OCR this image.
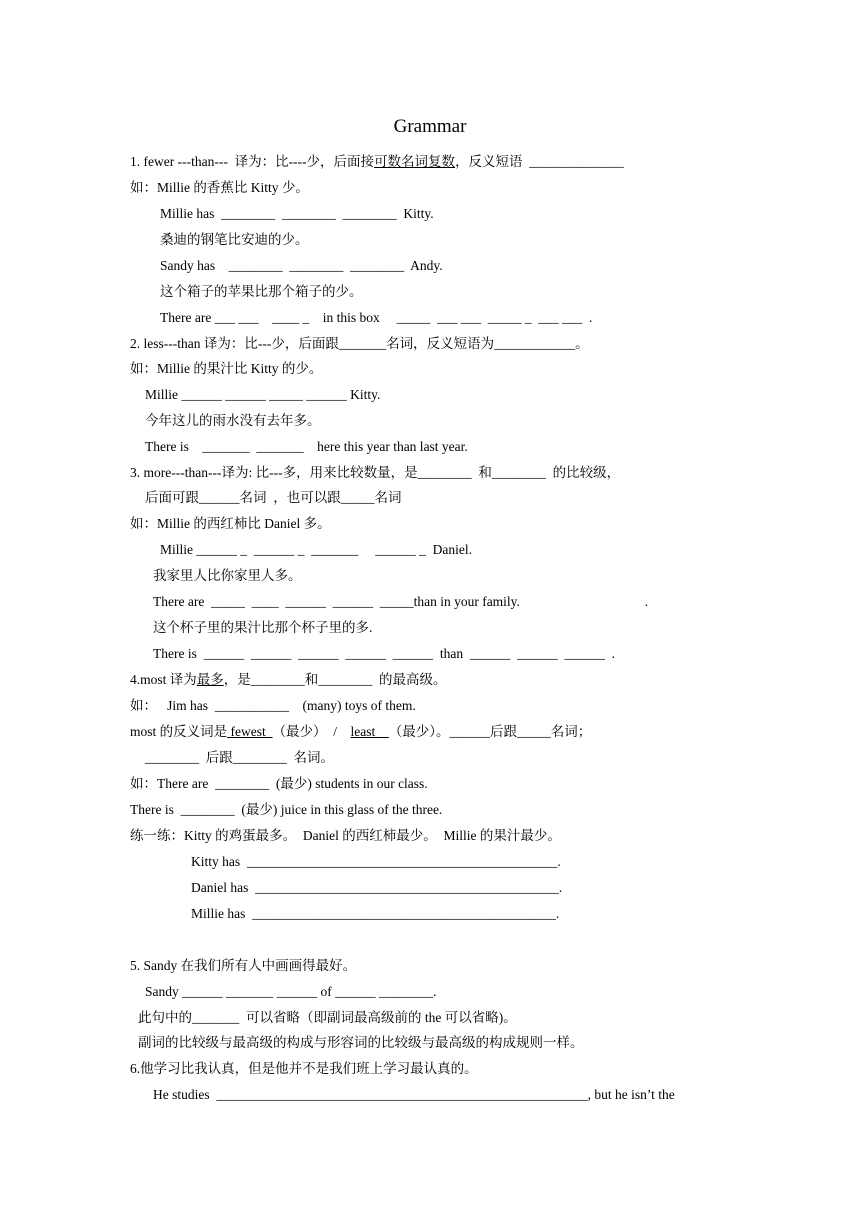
Grammar
1. fewer ---than---  译为：比----少，后面接可数名词复数，反义短语  ______________
如：Millie 的香蕉比 Kitty 少。
Millie has  ________  ________  ________  Kitty.
桑迪的钢笔比安迪的少。
Sandy has    ________  ________  ________  Andy.
这个箱子的苹果比那个箱子的少。
There are ___ ___    ____ _    in this box     _____  ___ ___  _____ _  ___ ___  .
2. less---than 译为：比---少，后面跟_______名词，反义短语为____________。
如：Millie 的果汁比 Kitty 的少。
Millie ______ ______ _____ ______ Kitty.
今年这儿的雨水没有去年多。
There is    _______  _______    here this year than last year.
3. more---than---译为: 比---多，用来比较数量，是________  和________  的比较级，
后面可跟______名词  ，也可以跟_____名词
如：Millie 的西红柿比 Daniel 多。
Millie ______ _  ______ _  _______     ______ _  Daniel.
我家里人比你家里人多。
There are  _____  ____  ______  ______  _____than in your family.                                     .
这个杯子里的果汁比那个杯子里的多.
There is  ______  ______  ______  ______  ______  than  ______  ______  ______  .
4.most 译为最多，是________和________  的最高级。
如：   Jim has  ___________    (many) toys of them.
most 的反义词是 fewest  （最少）  /    least    （最少）。______后跟_____名词；
________  后跟________  名词。
如：There are  ________  (最少) students in our class.
There is  ________  (最少) juice in this glass of the three.
练一练：Kitty 的鸡蛋最多。  Daniel 的西红柿最少。  Millie 的果汁最少。
Kitty has  ______________________________________________.
Daniel has  _____________________________________________.
Millie has  _____________________________________________.
5. Sandy 在我们所有人中画画得最好。
Sandy ______ _______ ______ of ______ ________.
此句中的_______  可以省略（即副词最高级前的 the 可以省略)。
副词的比较级与最高级的构成与形容词的比较级与最高级的构成规则一样。
6.他学习比我认真，但是他并不是我们班上学习最认真的。
He studies  _______________________________________________________, but he isn’t the
